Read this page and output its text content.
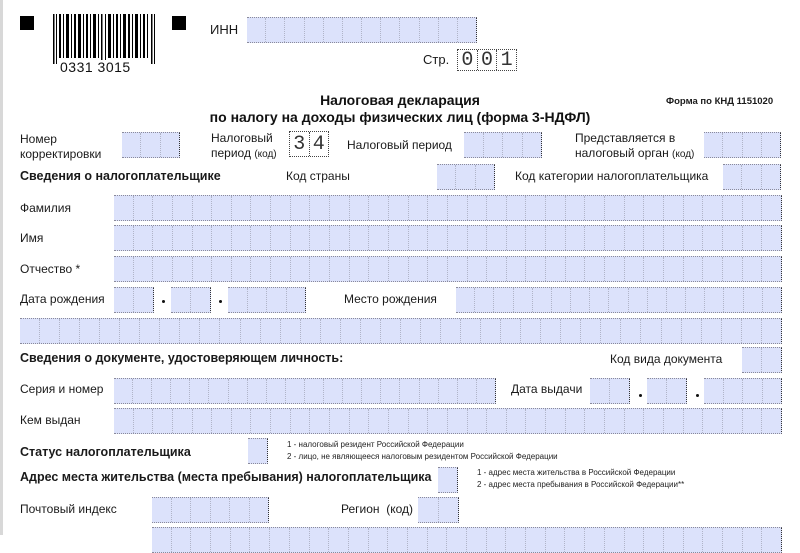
0331 3015
ИНН
Стр. 0 0 1
Налоговая декларация
по налогу на доходы физических лиц (форма 3-НДФЛ)
Форма по КНД 1151020
Номер
корректировки
Налоговый
период (код) 3 4 Налоговый период	Представляется в
налоговый орган (код)
Сведения о налогоплательщике	Код страны	Код категории налогоплательщика
Фамилия
Имя
Отчество *
Дата рождения	Место рождения
Сведения о документе, удостоверяющем личность:	Код вида документа
Серия и номер	Дата выдачи
Кем выдан
Статус налогоплательщика
1 - налоговый резидент Российской Федерации
2 - лицо, не являющееся налоговым резидентом Российской Федерации
Адрес места жительства (места пребывания) налогоплательщика	1 - адрес места жительства в Российской Федерации
2 - адрес места пребывания в Российской Федерации**
Почтовый индекс	Регион (код)
